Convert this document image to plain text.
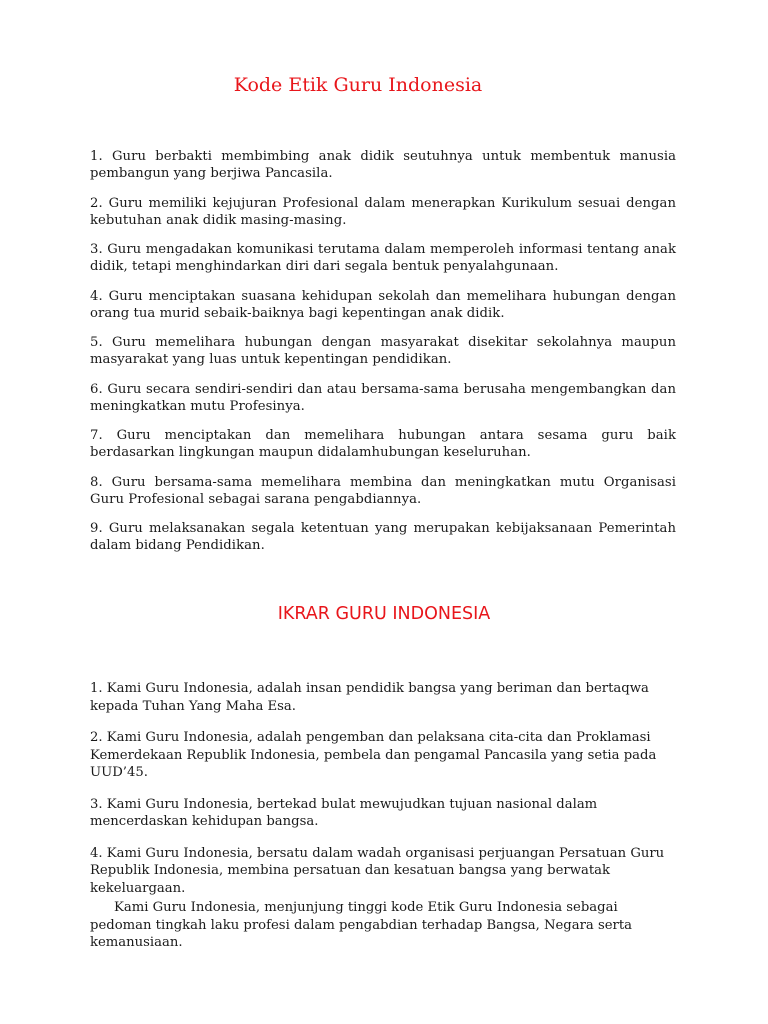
Kode Etik Guru Indonesia
1. Guru berbakti membimbing anak didik seutuhnya untuk membentuk manusia pembangun yang berjiwa Pancasila.
2. Guru memiliki kejujuran Profesional dalam menerapkan Kurikulum sesuai dengan kebutuhan anak didik masing-masing.
3. Guru mengadakan komunikasi terutama dalam memperoleh informasi tentang anak didik, tetapi menghindarkan diri dari segala bentuk penyalahgunaan.
4. Guru menciptakan suasana kehidupan sekolah dan memelihara hubungan dengan orang tua murid sebaik-baiknya bagi kepentingan anak didik.
5. Guru memelihara hubungan dengan masyarakat disekitar sekolahnya maupun masyarakat yang luas untuk kepentingan pendidikan.
6. Guru secara sendiri-sendiri dan atau bersama-sama berusaha mengembangkan dan meningkatkan mutu Profesinya.
7. Guru menciptakan dan memelihara hubungan antara sesama guru baik berdasarkan lingkungan maupun didalamhubungan keseluruhan.
8. Guru bersama-sama memelihara membina dan meningkatkan mutu Organisasi Guru Profesional sebagai sarana pengabdiannya.
9. Guru melaksanakan segala ketentuan yang merupakan kebijaksanaan Pemerintah dalam bidang Pendidikan.
IKRAR GURU INDONESIA
1. Kami Guru Indonesia, adalah insan pendidik bangsa yang beriman dan bertaqwa kepada Tuhan Yang Maha Esa.
2. Kami Guru Indonesia, adalah pengemban dan pelaksana cita-cita dan Proklamasi Kemerdekaan Republik Indonesia, pembela dan pengamal Pancasila yang setia pada UUD’45.
3. Kami Guru Indonesia, bertekad bulat mewujudkan tujuan nasional dalam mencerdaskan kehidupan bangsa.
4. Kami Guru Indonesia, bersatu dalam wadah organisasi perjuangan Persatuan Guru Republik Indonesia, membina persatuan dan kesatuan bangsa yang berwatak kekeluargaan.

Kami Guru Indonesia, menjunjung tinggi kode Etik Guru Indonesia sebagai pedoman tingkah laku profesi dalam pengabdian terhadap Bangsa, Negara serta kemanusiaan.
